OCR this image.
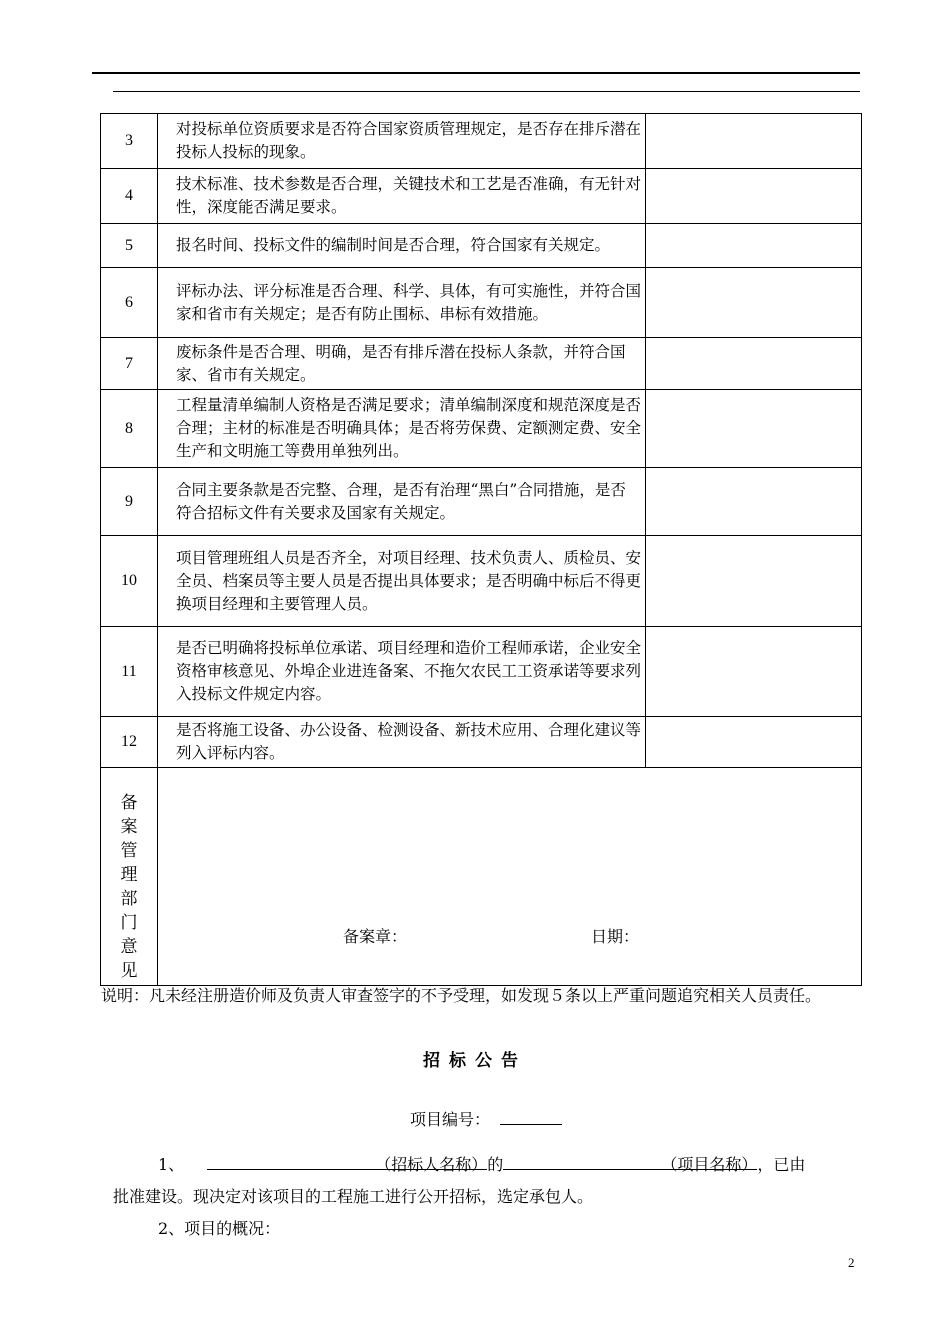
3	对投标单位资质要求是否符合国家资质管理规定，是否存在排斥潜在投标人投标的现象。	
4	技术标准、技术参数是否合理，关键技术和工艺是否准确，有无针对性，深度能否满足要求。	
5	报名时间、投标文件的编制时间是否合理，符合国家有关规定。	
6	评标办法、评分标准是否合理、科学、具体，有可实施性，并符合国家和省市有关规定；是否有防止围标、串标有效措施。	
7	废标条件是否合理、明确，是否有排斥潜在投标人条款，并符合国家、省市有关规定。	
8	工程量清单编制人资格是否满足要求；清单编制深度和规范深度是否合理；主材的标准是否明确具体；是否将劳保费、定额测定费、安全生产和文明施工等费用单独列出。	
9	合同主要条款是否完整、合理，是否有治理“黑白”合同措施，是否符合招标文件有关要求及国家有关规定。	
10	项目管理班组人员是否齐全，对项目经理、技术负责人、质检员、安全员、档案员等主要人员是否提出具体要求；是否明确中标后不得更换项目经理和主要管理人员。	
11	是否已明确将投标单位承诺、项目经理和造价工程师承诺，企业安全资格审核意见、外埠企业进连备案、不拖欠农民工工资承诺等要求列入投标文件规定内容。	
12	是否将施工设备、办公设备、检测设备、新技术应用、合理化建议等列入评标内容。	
备案管理部门意见	备案章： 日期：	
说明：凡未经注册造价师及负责人审查签字的不予受理，如发现５条以上严重问题追究相关人员责任。
招标公告
项目编号：
1、	（招标人名称）的	（项目名称），已由
批准建设。现决定对该项目的工程施工进行公开招标，选定承包人。
2、项目的概况：
2
